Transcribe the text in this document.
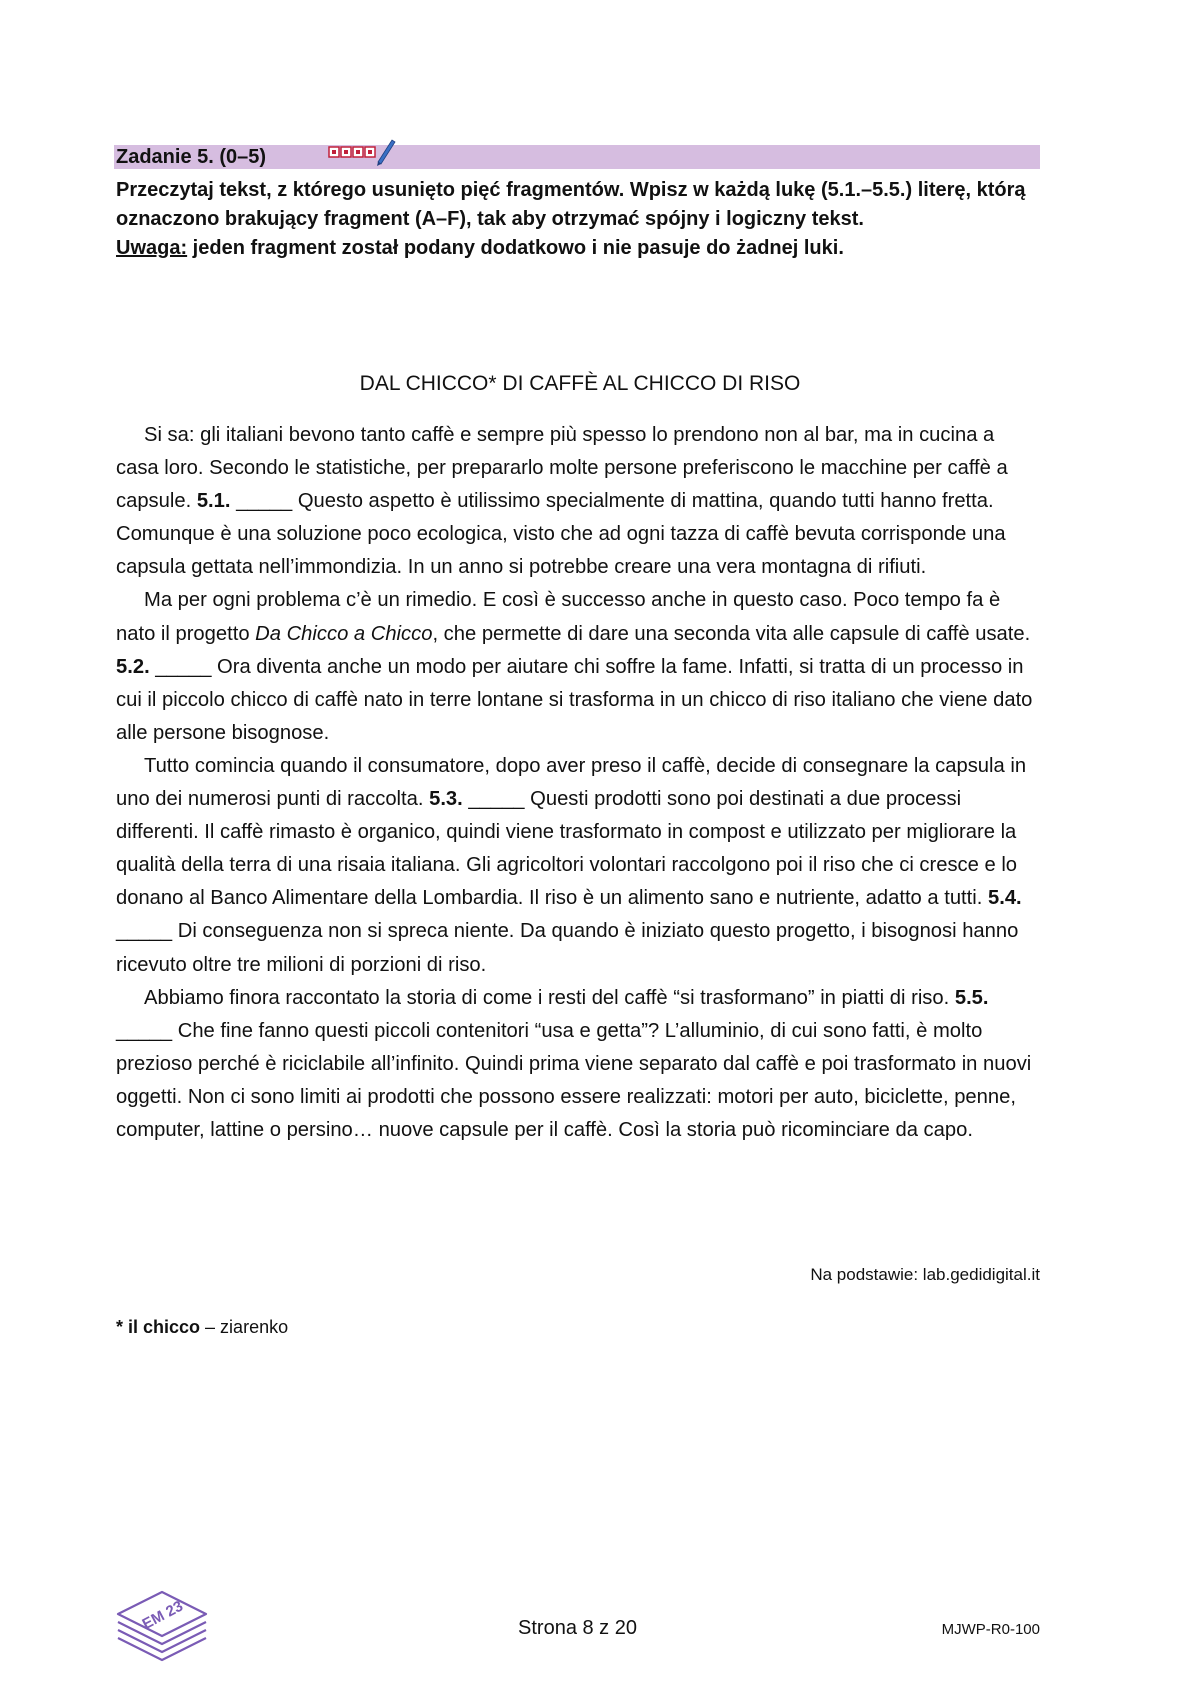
Zadanie 5. (0–5)

Przeczytaj tekst, z którego usunięto pięć fragmentów. Wpisz w każdą lukę (5.1.–5.5.) literę, którą oznaczono brakujący fragment (A–F), tak aby otrzymać spójny i logiczny tekst.

Uwaga: jeden fragment został podany dodatkowo i nie pasuje do żadnej luki.

DAL CHICCO* DI CAFFÈ AL CHICCO DI RISO

Si sa: gli italiani bevono tanto caffè e sempre più spesso lo prendono non al bar, ma in cucina a casa loro. Secondo le statistiche, per prepararlo molte persone preferiscono le macchine per caffè a capsule. 5.1. _____ Questo aspetto è utilissimo specialmente di mattina, quando tutti hanno fretta. Comunque è una soluzione poco ecologica, visto che ad ogni tazza di caffè bevuta corrisponde una capsula gettata nell’immondizia. In un anno si potrebbe creare una vera montagna di rifiuti.

Ma per ogni problema c’è un rimedio. E così è successo anche in questo caso. Poco tempo fa è nato il progetto Da Chicco a Chicco, che permette di dare una seconda vita alle capsule di caffè usate. 5.2. _____ Ora diventa anche un modo per aiutare chi soffre la fame. Infatti, si tratta di un processo in cui il piccolo chicco di caffè nato in terre lontane si trasforma in un chicco di riso italiano che viene dato alle persone bisognose.

Tutto comincia quando il consumatore, dopo aver preso il caffè, decide di consegnare la capsula in uno dei numerosi punti di raccolta. 5.3. _____ Questi prodotti sono poi destinati a due processi differenti. Il caffè rimasto è organico, quindi viene trasformato in compost e utilizzato per migliorare la qualità della terra di una risaia italiana. Gli agricoltori volontari raccolgono poi il riso che ci cresce e lo donano al Banco Alimentare della Lombardia. Il riso è un alimento sano e nutriente, adatto a tutti. 5.4. _____ Di conseguenza non si spreca niente. Da quando è iniziato questo progetto, i bisognosi hanno ricevuto oltre tre milioni di porzioni di riso.

Abbiamo finora raccontato la storia di come i resti del caffè “si trasformano” in piatti di riso. 5.5. _____ Che fine fanno questi piccoli contenitori “usa e getta”? L’alluminio, di cui sono fatti, è molto prezioso perché è riciclabile all’infinito. Quindi prima viene separato dal caffè e poi trasformato in nuovi oggetti. Non ci sono limiti ai prodotti che possono essere realizzati: motori per auto, biciclette, penne, computer, lattine o persino… nuove capsule per il caffè. Così la storia può ricominciare da capo.

Na podstawie: lab.gedidigital.it
* il chicco – ziarenko
EM 23	Strona 8 z 20	MJWP-R0-100
